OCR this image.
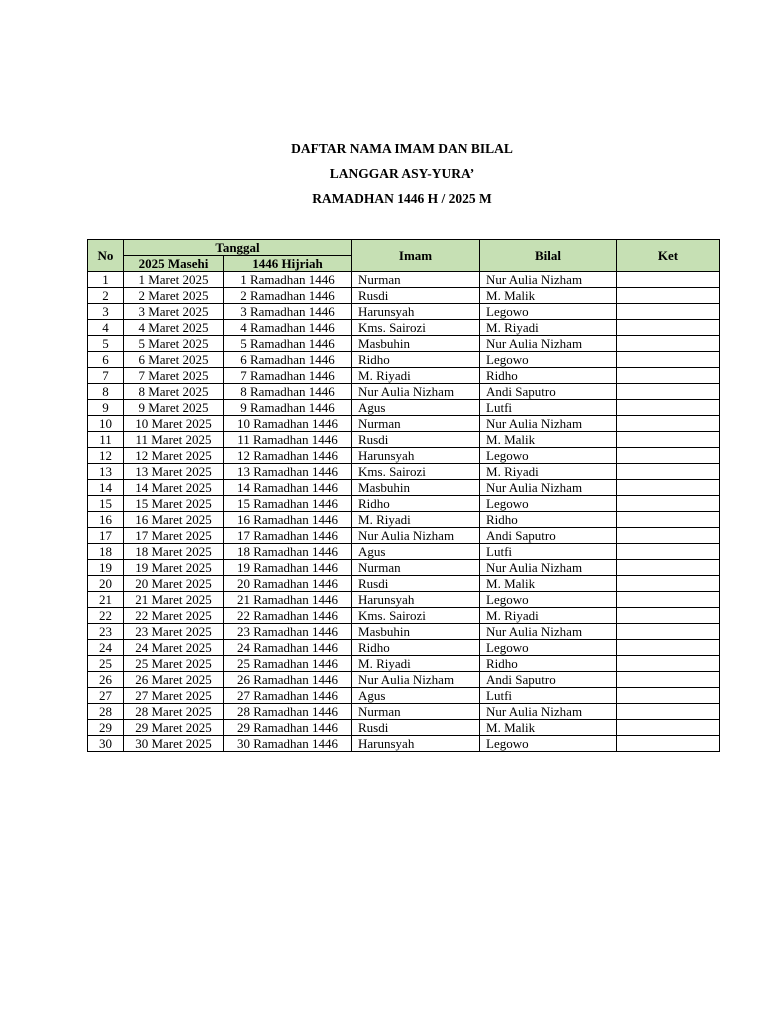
DAFTAR NAMA IMAM DAN BILAL
LANGGAR ASY-YURA’
RAMADHAN 1446 H / 2025 M
No	Tanggal		Imam	Bilal	Ket
	2025 Masehi	1446 Hijriah			
1	1 Maret 2025	1 Ramadhan 1446	Nurman	Nur Aulia Nizham	
2	2 Maret 2025	2 Ramadhan 1446	Rusdi	M. Malik	
3	3 Maret 2025	3 Ramadhan 1446	Harunsyah	Legowo	
4	4 Maret 2025	4 Ramadhan 1446	Kms. Sairozi	M. Riyadi	
5	5 Maret 2025	5 Ramadhan 1446	Masbuhin	Nur Aulia Nizham	
6	6 Maret 2025	6 Ramadhan 1446	Ridho	Legowo	
7	7 Maret 2025	7 Ramadhan 1446	M. Riyadi	Ridho	
8	8 Maret 2025	8 Ramadhan 1446	Nur Aulia Nizham	Andi Saputro	
9	9 Maret 2025	9 Ramadhan 1446	Agus	Lutfi	
10	10 Maret 2025	10 Ramadhan 1446	Nurman	Nur Aulia Nizham	
11	11 Maret 2025	11 Ramadhan 1446	Rusdi	M. Malik	
12	12 Maret 2025	12 Ramadhan 1446	Harunsyah	Legowo	
13	13 Maret 2025	13 Ramadhan 1446	Kms. Sairozi	M. Riyadi	
14	14 Maret 2025	14 Ramadhan 1446	Masbuhin	Nur Aulia Nizham	
15	15 Maret 2025	15 Ramadhan 1446	Ridho	Legowo	
16	16 Maret 2025	16 Ramadhan 1446	M. Riyadi	Ridho	
17	17 Maret 2025	17 Ramadhan 1446	Nur Aulia Nizham	Andi Saputro	
18	18 Maret 2025	18 Ramadhan 1446	Agus	Lutfi	
19	19 Maret 2025	19 Ramadhan 1446	Nurman	Nur Aulia Nizham	
20	20 Maret 2025	20 Ramadhan 1446	Rusdi	M. Malik	
21	21 Maret 2025	21 Ramadhan 1446	Harunsyah	Legowo	
22	22 Maret 2025	22 Ramadhan 1446	Kms. Sairozi	M. Riyadi	
23	23 Maret 2025	23 Ramadhan 1446	Masbuhin	Nur Aulia Nizham	
24	24 Maret 2025	24 Ramadhan 1446	Ridho	Legowo	
25	25 Maret 2025	25 Ramadhan 1446	M. Riyadi	Ridho	
26	26 Maret 2025	26 Ramadhan 1446	Nur Aulia Nizham	Andi Saputro	
27	27 Maret 2025	27 Ramadhan 1446	Agus	Lutfi	
28	28 Maret 2025	28 Ramadhan 1446	Nurman	Nur Aulia Nizham	
29	29 Maret 2025	29 Ramadhan 1446	Rusdi	M. Malik	
30	30 Maret 2025	30 Ramadhan 1446	Harunsyah	Legowo	
